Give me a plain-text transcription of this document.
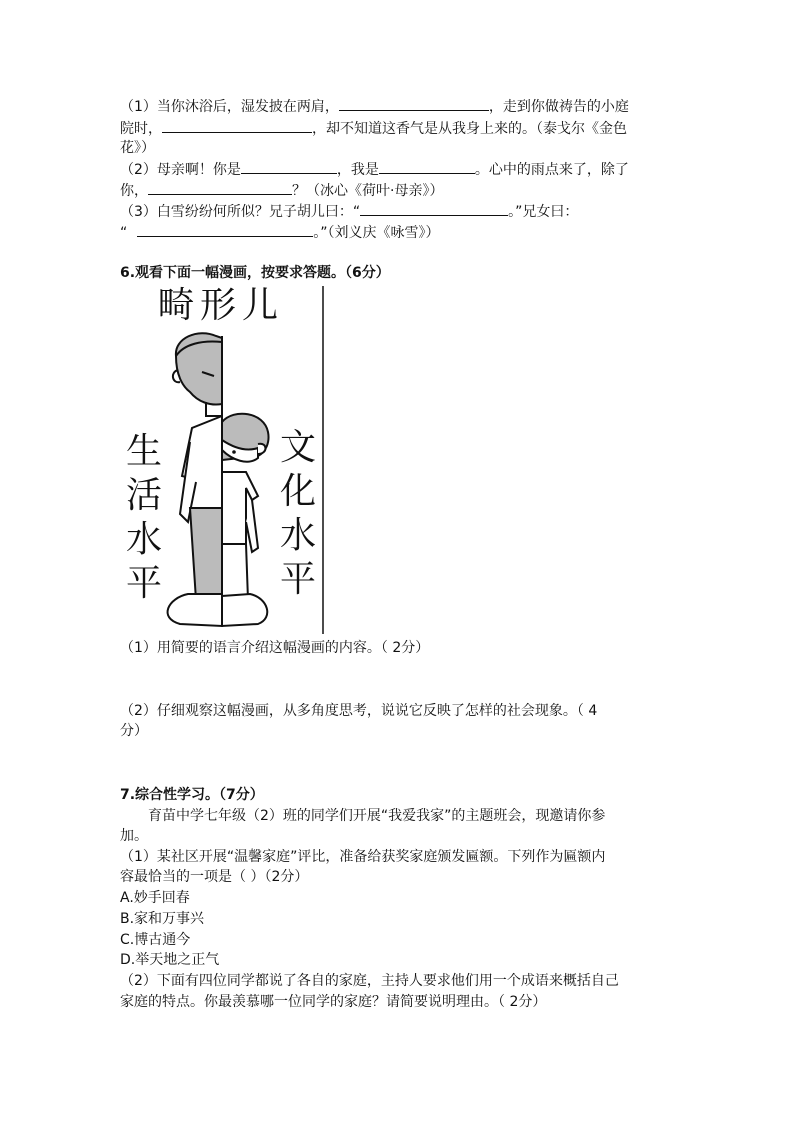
（1）当你沐浴后，湿发披在两肩，	，走到你做祷告的小庭
院时，	，却不知道这香气是从我身上来的。（泰戈尔《金色
花》）
（2）母亲啊！你是	，我是	。心中的雨点来了，除了
你，	？（冰心《荷叶·母亲》）
（3）白雪纷纷何所似？兄子胡儿曰：“	。”兄女曰：
“	。”（刘义庆《咏雪》）
6.观看下面一幅漫画，按要求答题。（6分）
畸形儿
生活水平
文化水平
（1）用简要的语言介绍这幅漫画的内容。（ 2分）
（2）仔细观察这幅漫画，从多角度思考，说说它反映了怎样的社会现象。（ 4
分）
7.综合性学习。（7分）
　　育苗中学七年级（2）班的同学们开展“我爱我家”的主题班会，现邀请你参
加。
（1）某社区开展“温馨家庭”评比，准备给获奖家庭颁发匾额。下列作为匾额内
容最恰当的一项是（ ）（2分）
A.妙手回春
B.家和万事兴
C.博古通今
D.举天地之正气
（2）下面有四位同学都说了各自的家庭，主持人要求他们用一个成语来概括自己
家庭的特点。你最羡慕哪一位同学的家庭？请简要说明理由。（ 2分）
